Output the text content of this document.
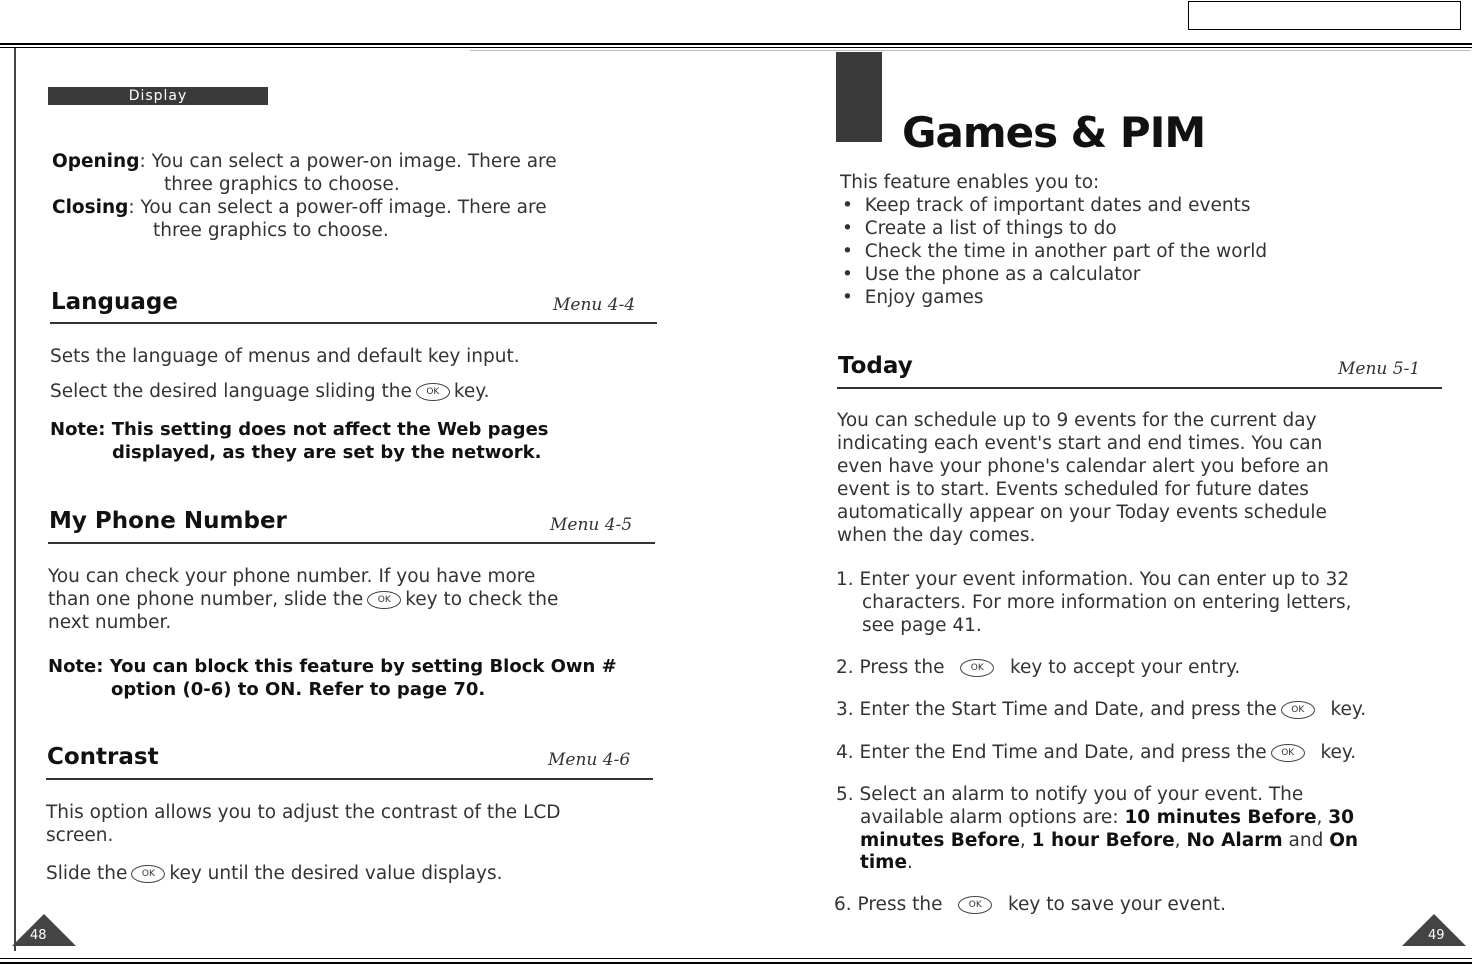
Display
Opening: You can select a power-on image. There are
three graphics to choose.
Closing: You can select a power-off image. There are
three graphics to choose.
Language	Menu 4-4
Sets the language of menus and default key input.
Select the desired language sliding the OK key.
Note: This setting does not affect the Web pages
displayed, as they are set by the network.
My Phone Number	Menu 4-5
You can check your phone number. If you have more
than one phone number, slide the OK key to check the
next number.
Note: You can block this feature by setting Block Own #
option (0-6) to ON. Refer to page 70.
Contrast	Menu 4-6
This option allows you to adjust the contrast of the LCD
screen.
Slide the OK key until the desired value displays.
48
Games & PIM
This feature enables you to:
•  Keep track of important dates and events
•  Create a list of things to do
•  Check the time in another part of the world
•  Use the phone as a calculator
•  Enjoy games
Today	Menu 5-1
You can schedule up to 9 events for the current day
indicating each event's start and end times. You can
even have your phone's calendar alert you before an
event is to start. Events scheduled for future dates
automatically appear on your Today events schedule
when the day comes.
1. Enter your event information. You can enter up to 32
characters. For more information on entering letters,
see page 41.
2. Press the	OK key to accept your entry.
3. Enter the Start Time and Date, and press the OK key.
4. Enter the End Time and Date, and press the OK key.
5. Select an alarm to notify you of your event. The
available alarm options are: 10 minutes Before, 30
minutes Before, 1 hour Before, No Alarm and On
time.
6. Press the	OK key to save your event.
49
